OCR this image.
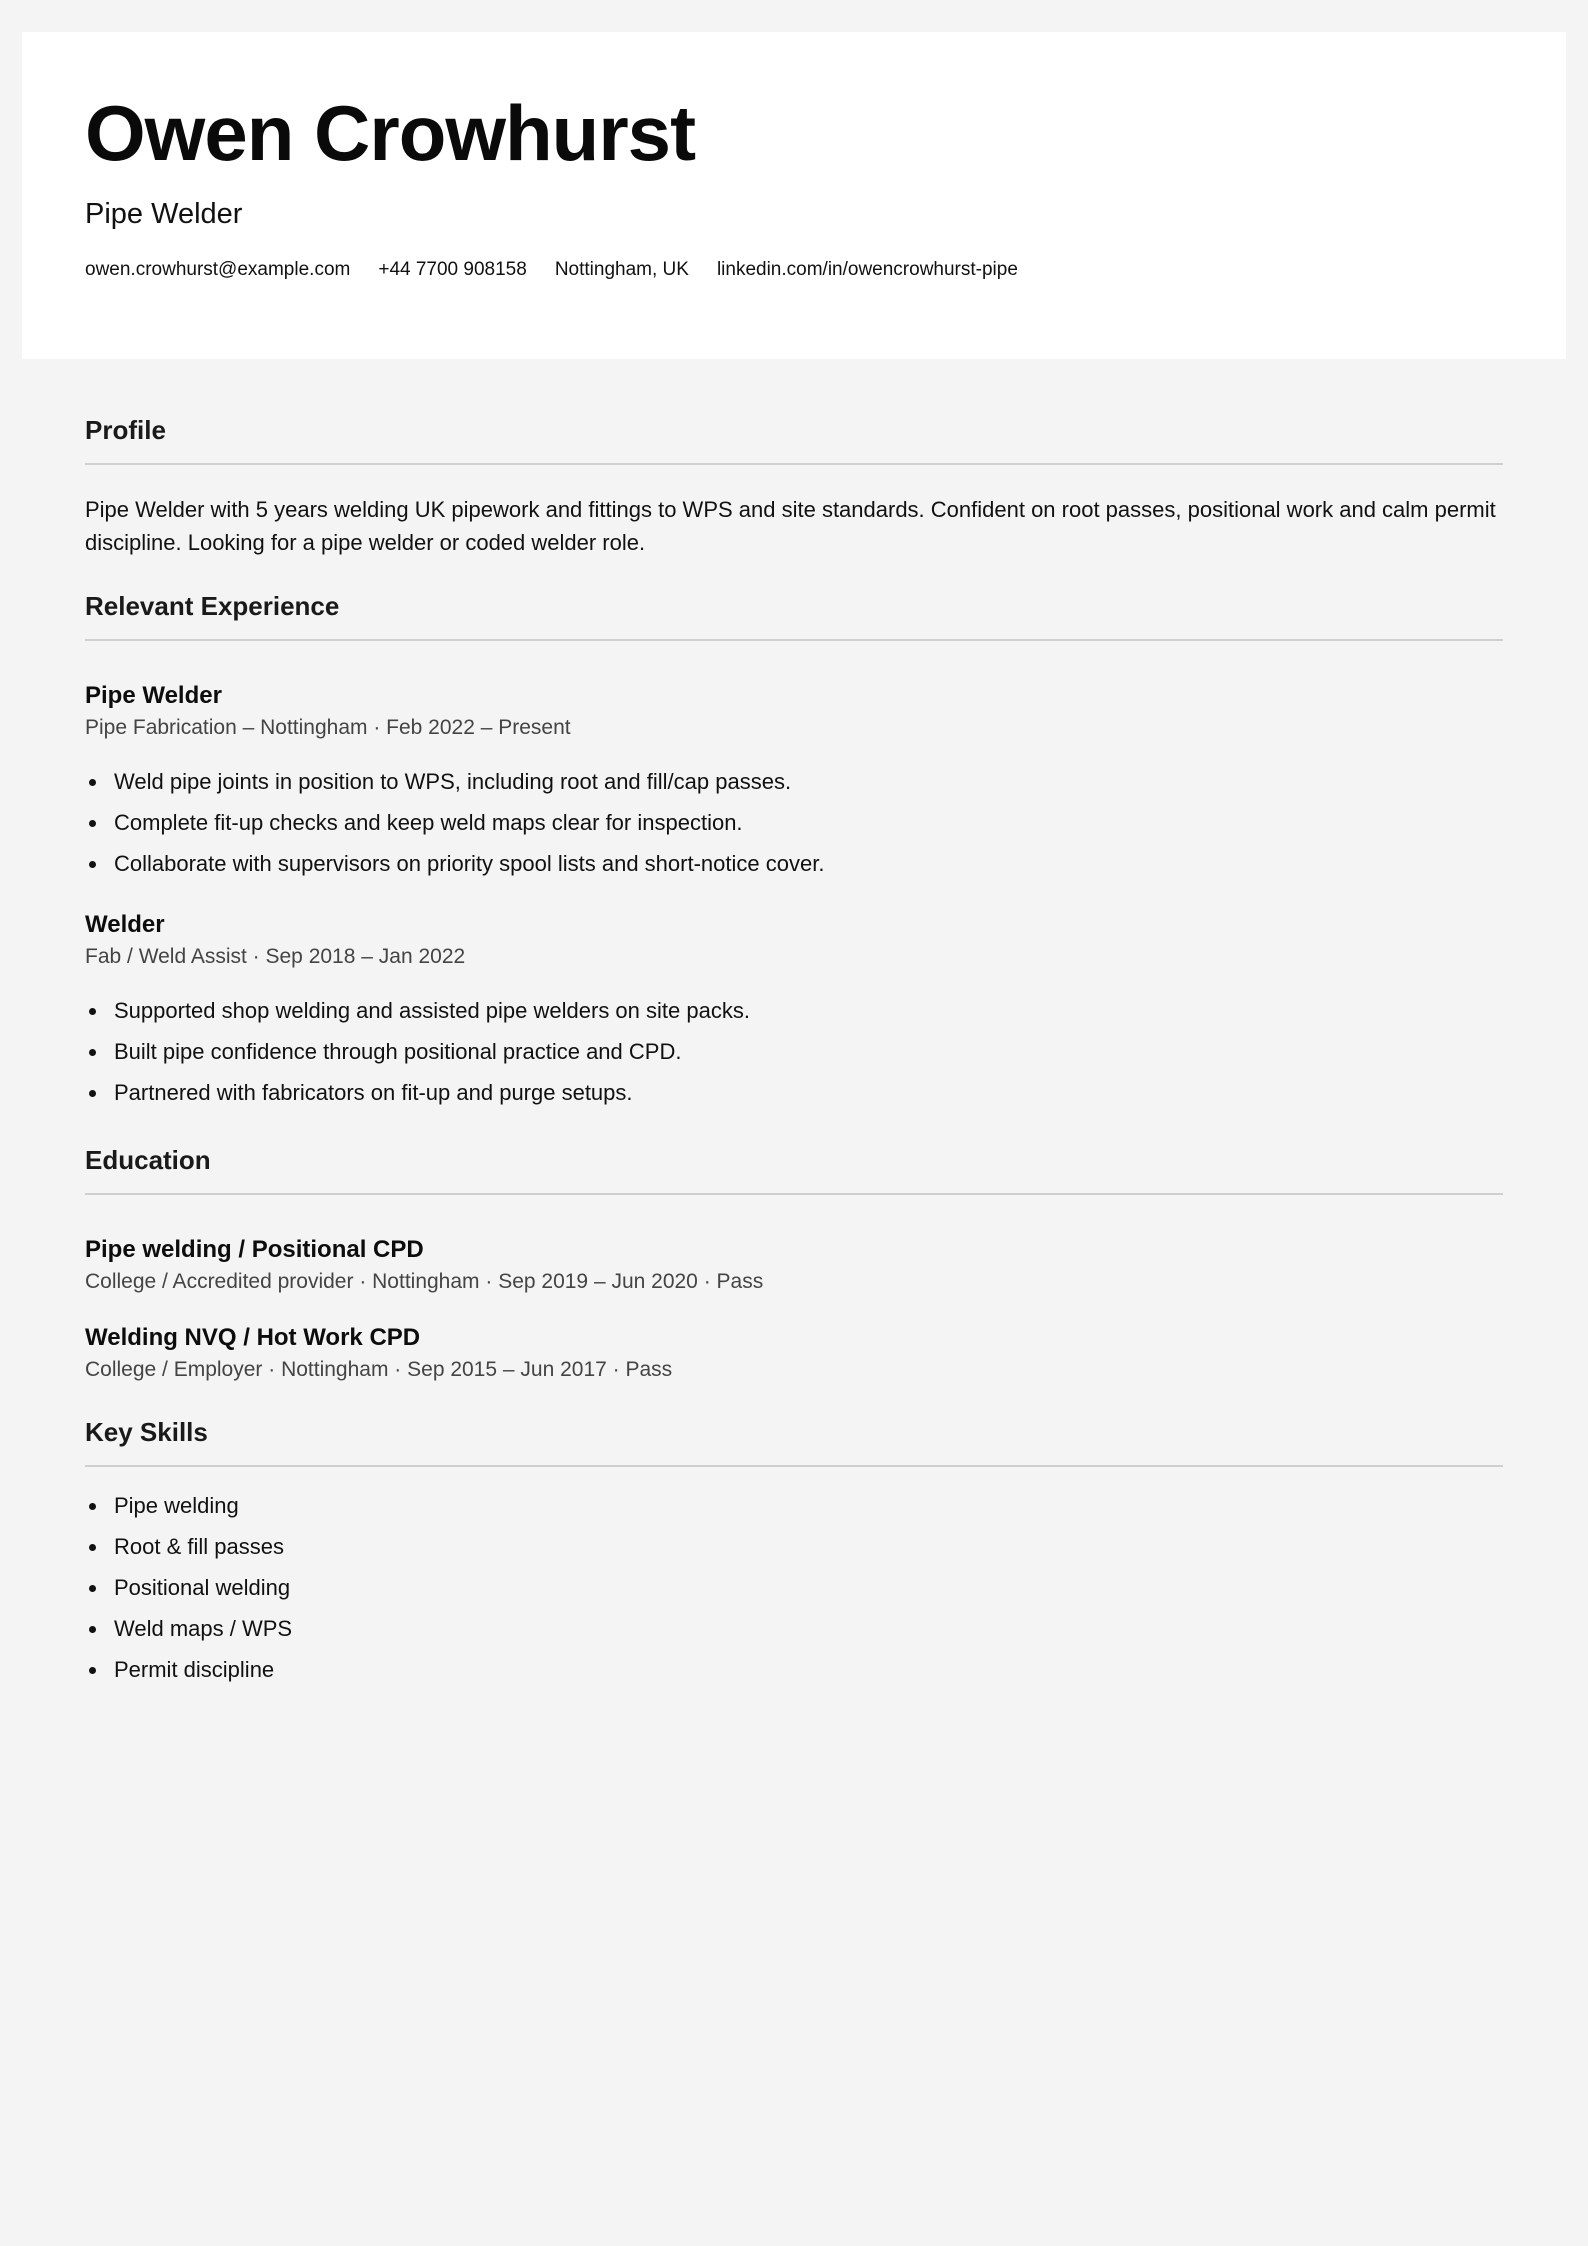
Owen Crowhurst
Pipe Welder
owen.crowhurst@example.com +44 7700 908158 Nottingham, UK linkedin.com/in/owencrowhurst-pipe
Profile

Pipe Welder with 5 years welding UK pipework and fittings to WPS and site standards. Confident on root passes, positional work and calm permit discipline. Looking for a pipe welder or coded welder role.

Relevant Experience
Pipe Welder
Pipe Fabrication – Nottingham · Feb 2022 – Present
Weld pipe joints in position to WPS, including root and fill/cap passes.
Complete fit-up checks and keep weld maps clear for inspection.
Collaborate with supervisors on priority spool lists and short-notice cover.
Welder
Fab / Weld Assist · Sep 2018 – Jan 2022
Supported shop welding and assisted pipe welders on site packs.
Built pipe confidence through positional practice and CPD.
Partnered with fabricators on fit-up and purge setups.
Education
Pipe welding / Positional CPD
College / Accredited provider · Nottingham · Sep 2019 – Jun 2020 · Pass
Welding NVQ / Hot Work CPD
College / Employer · Nottingham · Sep 2015 – Jun 2017 · Pass
Key Skills
Pipe welding
Root & fill passes
Positional welding
Weld maps / WPS
Permit discipline
